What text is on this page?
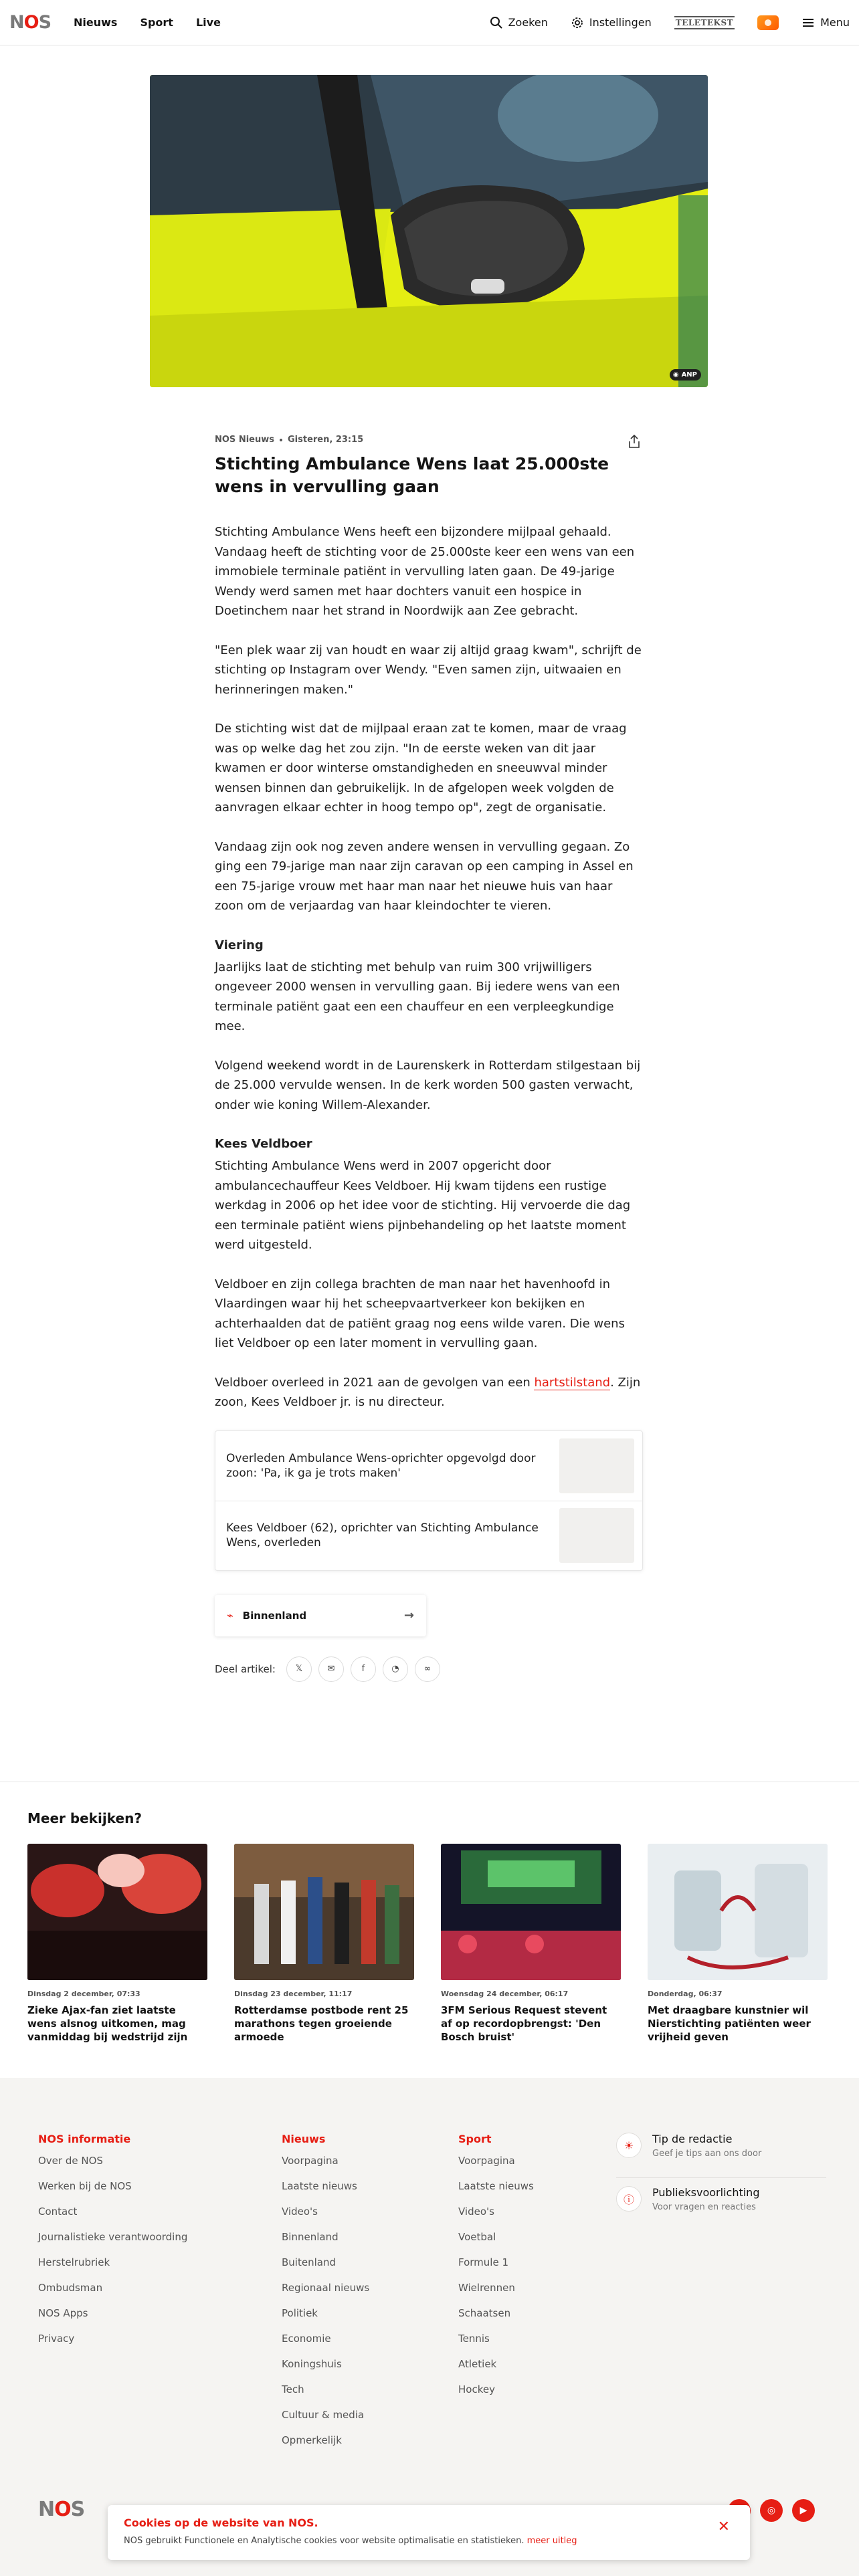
NOS Nieuws Sport Live	Zoeken	Instellingen	TELETEKST	Menu
◉ ANP
NOS Nieuws Gisteren, 23:15
Stichting Ambulance Wens laat 25.000ste wens in vervulling gaan

Stichting Ambulance Wens heeft een bijzondere mijlpaal gehaald. Vandaag heeft de stichting voor de 25.000ste keer een wens van een immobiele terminale patiënt in vervulling laten gaan. De 49-jarige Wendy werd samen met haar dochters vanuit een hospice in Doetinchem naar het strand in Noordwijk aan Zee gebracht.

"Een plek waar zij van houdt en waar zij altijd graag kwam", schrijft de stichting op Instagram over Wendy. "Even samen zijn, uitwaaien en herinneringen maken."

De stichting wist dat de mijlpaal eraan zat te komen, maar de vraag was op welke dag het zou zijn. "In de eerste weken van dit jaar kwamen er door winterse omstandigheden en sneeuwval minder wensen binnen dan gebruikelijk. In de afgelopen week volgden de aanvragen elkaar echter in hoog tempo op", zegt de organisatie.

Vandaag zijn ook nog zeven andere wensen in vervulling gegaan. Zo ging een 79-jarige man naar zijn caravan op een camping in Assel en een 75-jarige vrouw met haar man naar het nieuwe huis van haar zoon om de verjaardag van haar kleindochter te vieren.

Viering

Jaarlijks laat de stichting met behulp van ruim 300 vrijwilligers ongeveer 2000 wensen in vervulling gaan. Bij iedere wens van een terminale patiënt gaat een een chauffeur en een verpleegkundige mee.

Volgend weekend wordt in de Laurenskerk in Rotterdam stilgestaan bij de 25.000 vervulde wensen. In de kerk worden 500 gasten verwacht, onder wie koning Willem-Alexander.

Kees Veldboer

Stichting Ambulance Wens werd in 2007 opgericht door ambulancechauffeur Kees Veldboer. Hij kwam tijdens een rustige werkdag in 2006 op het idee voor de stichting. Hij vervoerde die dag een terminale patiënt wiens pijnbehandeling op het laatste moment werd uitgesteld.

Veldboer en zijn collega brachten de man naar het havenhoofd in Vlaardingen waar hij het scheepvaartverkeer kon bekijken en achterhaalden dat de patiënt graag nog eens wilde varen. Die wens liet Veldboer op een later moment in vervulling gaan.

Veldboer overleed in 2021 aan de gevolgen van een hartstilstand. Zijn zoon, Kees Veldboer jr. is nu directeur.

Overleden Ambulance Wens-oprichter opgevolgd door zoon: 'Pa, ik ga je trots maken'
Kees Veldboer (62), oprichter van Stichting Ambulance Wens, overleden
⌁ Binnenland	→
Deel artikel:	𝕏	✉	f	◔	∞
Meer bekijken?
Dinsdag 2 december, 07:33
Zieke Ajax-fan ziet laatste wens alsnog uitkomen, mag vanmiddag bij wedstrijd zijn
Dinsdag 23 december, 11:17
Rotterdamse postbode rent 25 marathons tegen groeiende armoede
Woensdag 24 december, 06:17
3FM Serious Request stevent af op recordopbrengst: 'Den Bosch bruist'
Donderdag, 06:37
Met draagbare kunstnier wil Nierstichting patiënten weer vrijheid geven
NOS informatie
Over de NOS
Werken bij de NOS
Contact
Journalistieke verantwoording
Herstelrubriek
Ombudsman
NOS Apps
Privacy
Nieuws
Voorpagina
Laatste nieuws
Video's
Binnenland
Buitenland
Regionaal nieuws
Politiek
Economie
Koningshuis
Tech
Cultuur & media
Opmerkelijk
Sport
Voorpagina
Laatste nieuws
Video's
Voetbal
Formule 1
Wielrennen
Schaatsen
Tennis
Atletiek
Hockey
☀	Tip de redactie
Geef je tips aan ons door
ⓘ
Publieksvoorlichting
Voor vragen en reacties
NOS	◎	▶
Cookies op de website van NOS.

NOS gebruikt Functionele en Analytische cookies voor website optimalisatie en statistieken. meer uitleg

✕
